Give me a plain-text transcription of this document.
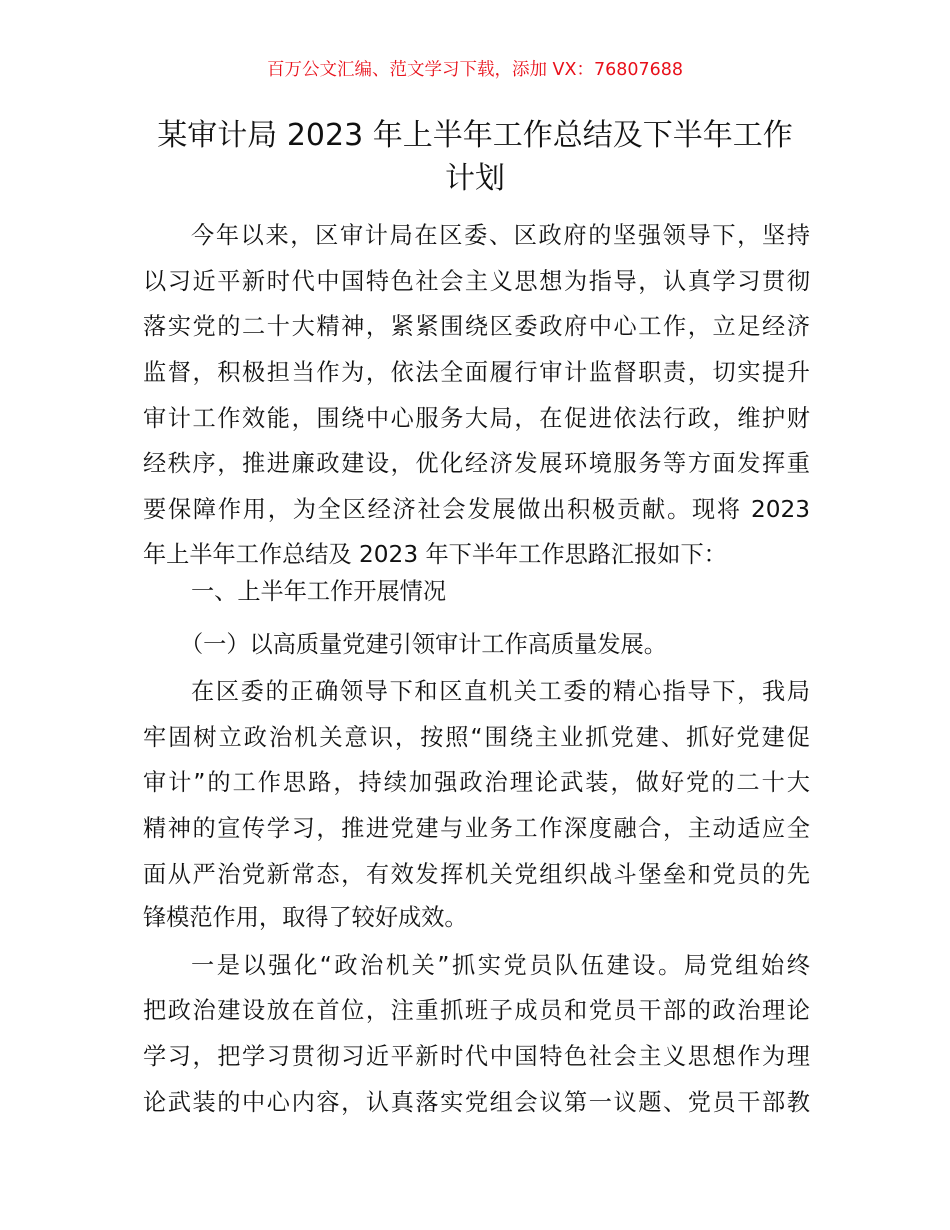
百万公文汇编、范文学习下载，添加 VX：76807688
某审计局 2023 年上半年工作总结及下半年工作
计划
今年以来，区审计局在区委、区政府的坚强领导下，坚持
以习近平新时代中国特色社会主义思想为指导，认真学习贯彻
落实党的二十大精神，紧紧围绕区委政府中心工作，立足经济
监督，积极担当作为，依法全面履行审计监督职责，切实提升
审计工作效能，围绕中心服务大局，在促进依法行政，维护财
经秩序，推进廉政建设，优化经济发展环境服务等方面发挥重
要保障作用，为全区经济社会发展做出积极贡献。现将 2023
年上半年工作总结及 2023 年下半年工作思路汇报如下：
一、上半年工作开展情况
（一）以高质量党建引领审计工作高质量发展。
在区委的正确领导下和区直机关工委的精心指导下，我局
牢固树立政治机关意识，按照“围绕主业抓党建、抓好党建促
审计”的工作思路，持续加强政治理论武装，做好党的二十大
精神的宣传学习，推进党建与业务工作深度融合，主动适应全
面从严治党新常态，有效发挥机关党组织战斗堡垒和党员的先
锋模范作用，取得了较好成效。
一是以强化“政治机关”抓实党员队伍建设。局党组始终
把政治建设放在首位，注重抓班子成员和党员干部的政治理论
学习，把学习贯彻习近平新时代中国特色社会主义思想作为理
论武装的中心内容，认真落实党组会议第一议题、党员干部教
